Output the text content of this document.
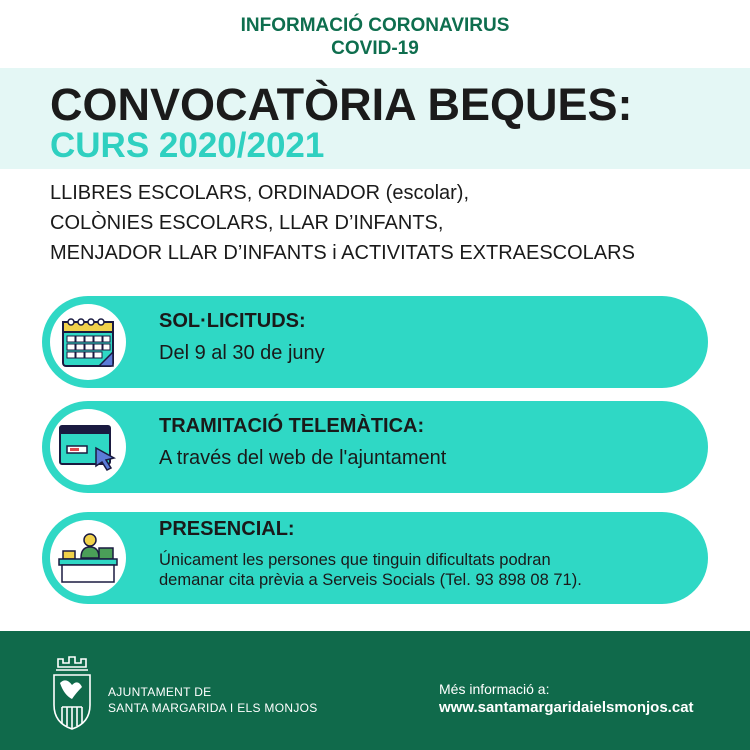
INFORMACIÓ CORONAVIRUS
COVID-19
CONVOCATÒRIA BEQUES:
CURS 2020/2021
LLIBRES ESCOLARS, ORDINADOR (escolar),
COLÒNIES ESCOLARS, LLAR D’INFANTS,
MENJADOR LLAR D’INFANTS i ACTIVITATS EXTRAESCOLARS
SOL·LICITUDS:
Del 9 al 30 de juny
TRAMITACIÓ TELEMÀTICA:
A través del web de l'ajuntament
PRESENCIAL:
Únicament les persones que tinguin dificultats podran
demanar cita prèvia a Serveis Socials (Tel. 93 898 08 71).
AJUNTAMENT DE
SANTA MARGARIDA I ELS MONJOS
Més informació a:
www.santamargaridaielsmonjos.cat
